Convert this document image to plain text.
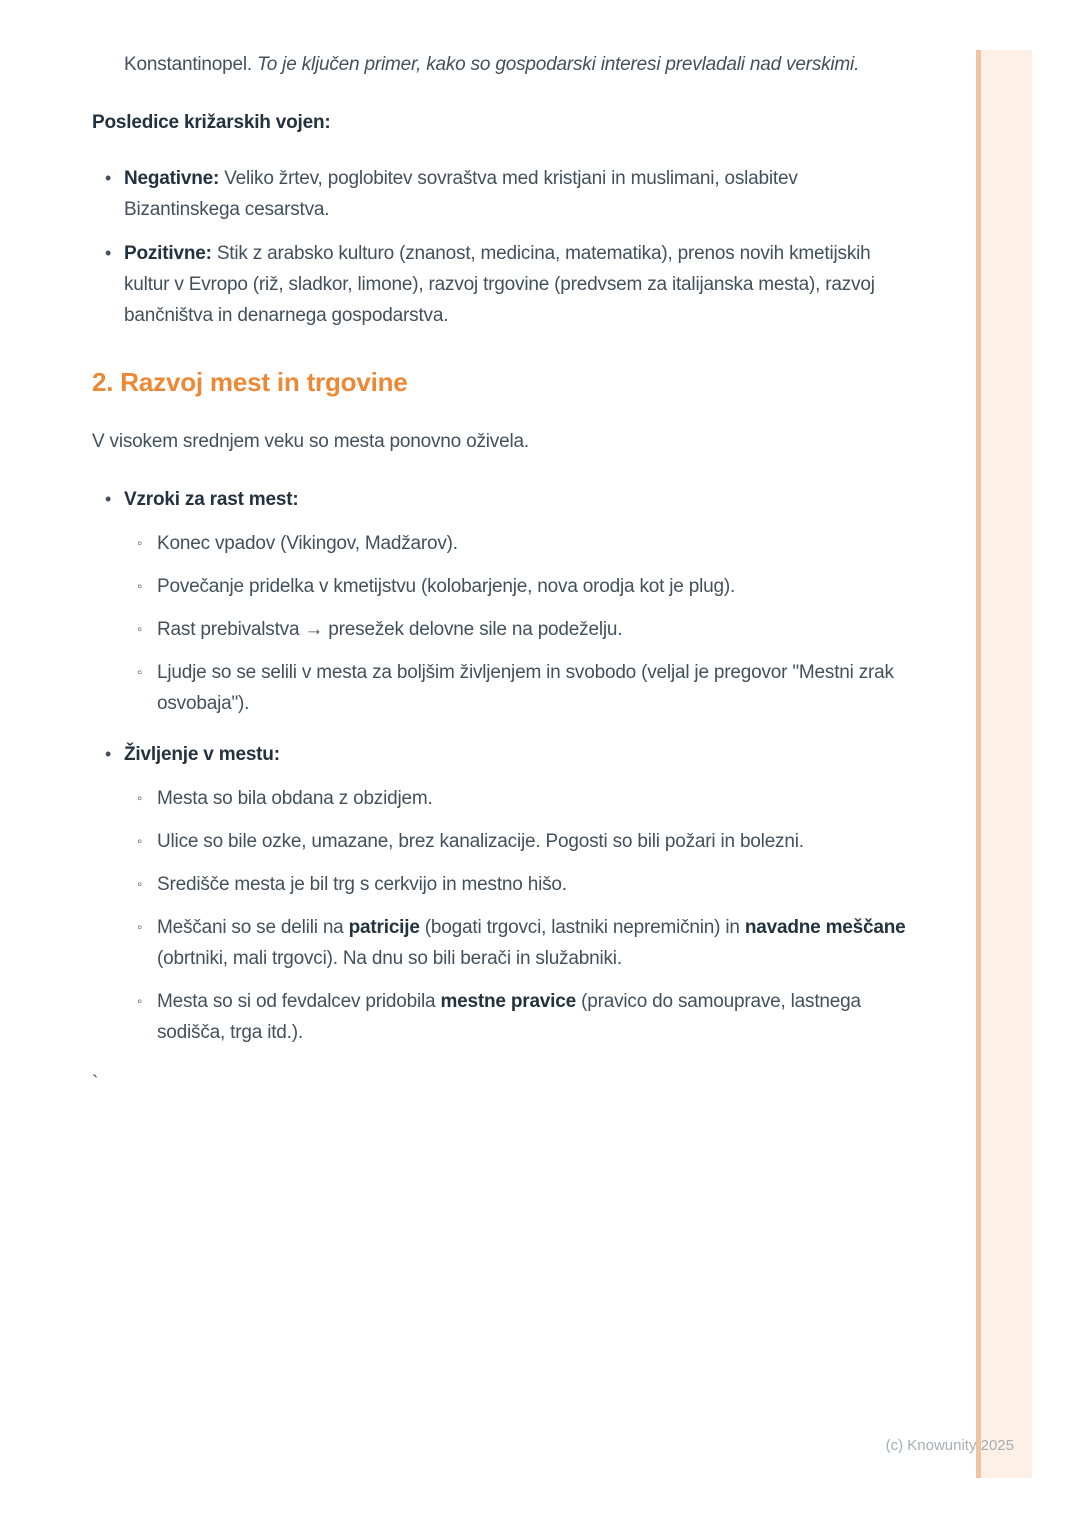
Konstantinopel. To je ključen primer, kako so gospodarski interesi prevladali nad verskimi.
Posledice križarskih vojen:
• Negativne: Veliko žrtev, poglobitev sovraštva med kristjani in muslimani, oslabitev Bizantinskega cesarstva.
• Pozitivne: Stik z arabsko kulturo (znanost, medicina, matematika), prenos novih kmetijskih kultur v Evropo (riž, sladkor, limone), razvoj trgovine (predvsem za italijanska mesta), razvoj bančništva in denarnega gospodarstva.
2. Razvoj mest in trgovine
V visokem srednjem veku so mesta ponovno oživela.
• Vzroki za rast mest:
◦ Konec vpadov (Vikingov, Madžarov).
◦ Povečanje pridelka v kmetijstvu (kolobarjenje, nova orodja kot je plug).
◦ Rast prebivalstva → presežek delovne sile na podeželju.
◦ Ljudje so se selili v mesta za boljšim življenjem in svobodo (veljal je pregovor "Mestni zrak osvobaja").
• Življenje v mestu:
◦ Mesta so bila obdana z obzidjem.
◦ Ulice so bile ozke, umazane, brez kanalizacije. Pogosti so bili požari in bolezni.
◦ Središče mesta je bil trg s cerkvijo in mestno hišo.
◦ Meščani so se delili na patricije (bogati trgovci, lastniki nepremičnin) in navadne meščane (obrtniki, mali trgovci). Na dnu so bili berači in služabniki.
◦ Mesta so si od fevdalcev pridobila mestne pravice (pravico do samouprave, lastnega sodišča, trga itd.).
`
(c) Knowunity 2025
